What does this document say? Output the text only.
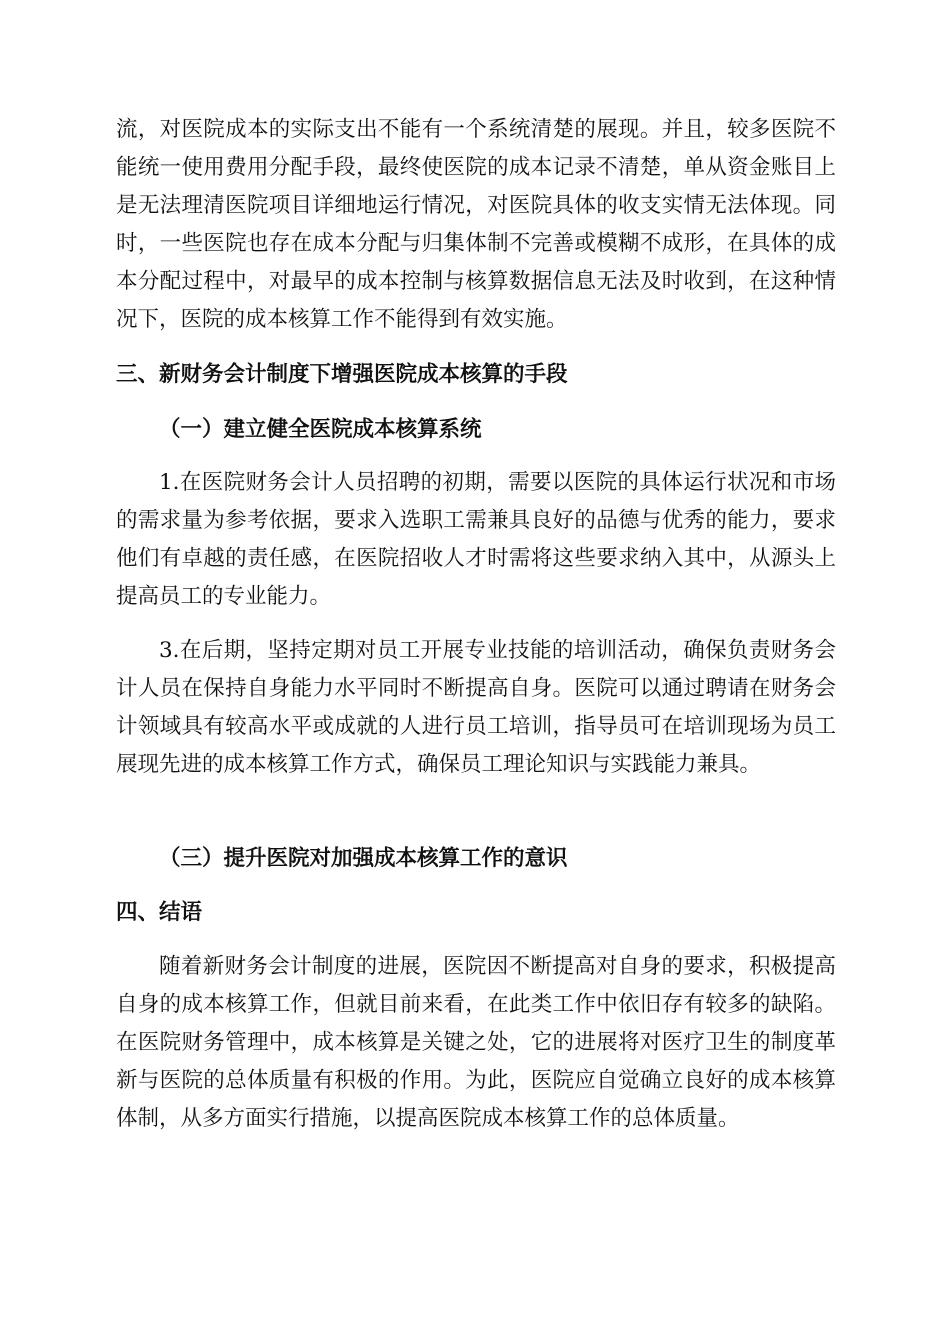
流，对医院成本的实际支出不能有一个系统清楚的展现。并且，较多医院不能统一使用费用分配手段，最终使医院的成本记录不清楚，单从资金账目上是无法理清医院项目详细地运行情况，对医院具体的收支实情无法体现。同时，一些医院也存在成本分配与归集体制不完善或模糊不成形，在具体的成本分配过程中，对最早的成本控制与核算数据信息无法及时收到，在这种情况下，医院的成本核算工作不能得到有效实施。

三、新财务会计制度下增强医院成本核算的手段
（一）建立健全医院成本核算系统

1.在医院财务会计人员招聘的初期，需要以医院的具体运行状况和市场的需求量为参考依据，要求入选职工需兼具良好的品德与优秀的能力，要求他们有卓越的责任感，在医院招收人才时需将这些要求纳入其中，从源头上提高员工的专业能力。

3.在后期，坚持定期对员工开展专业技能的培训活动，确保负责财务会计人员在保持自身能力水平同时不断提高自身。医院可以通过聘请在财务会计领域具有较高水平或成就的人进行员工培训，指导员可在培训现场为员工展现先进的成本核算工作方式，确保员工理论知识与实践能力兼具。

（三）提升医院对加强成本核算工作的意识
四、结语

随着新财务会计制度的进展，医院因不断提高对自身的要求，积极提高自身的成本核算工作，但就目前来看，在此类工作中依旧存有较多的缺陷。在医院财务管理中，成本核算是关键之处，它的进展将对医疗卫生的制度革新与医院的总体质量有积极的作用。为此，医院应自觉确立良好的成本核算体制，从多方面实行措施，以提高医院成本核算工作的总体质量。
